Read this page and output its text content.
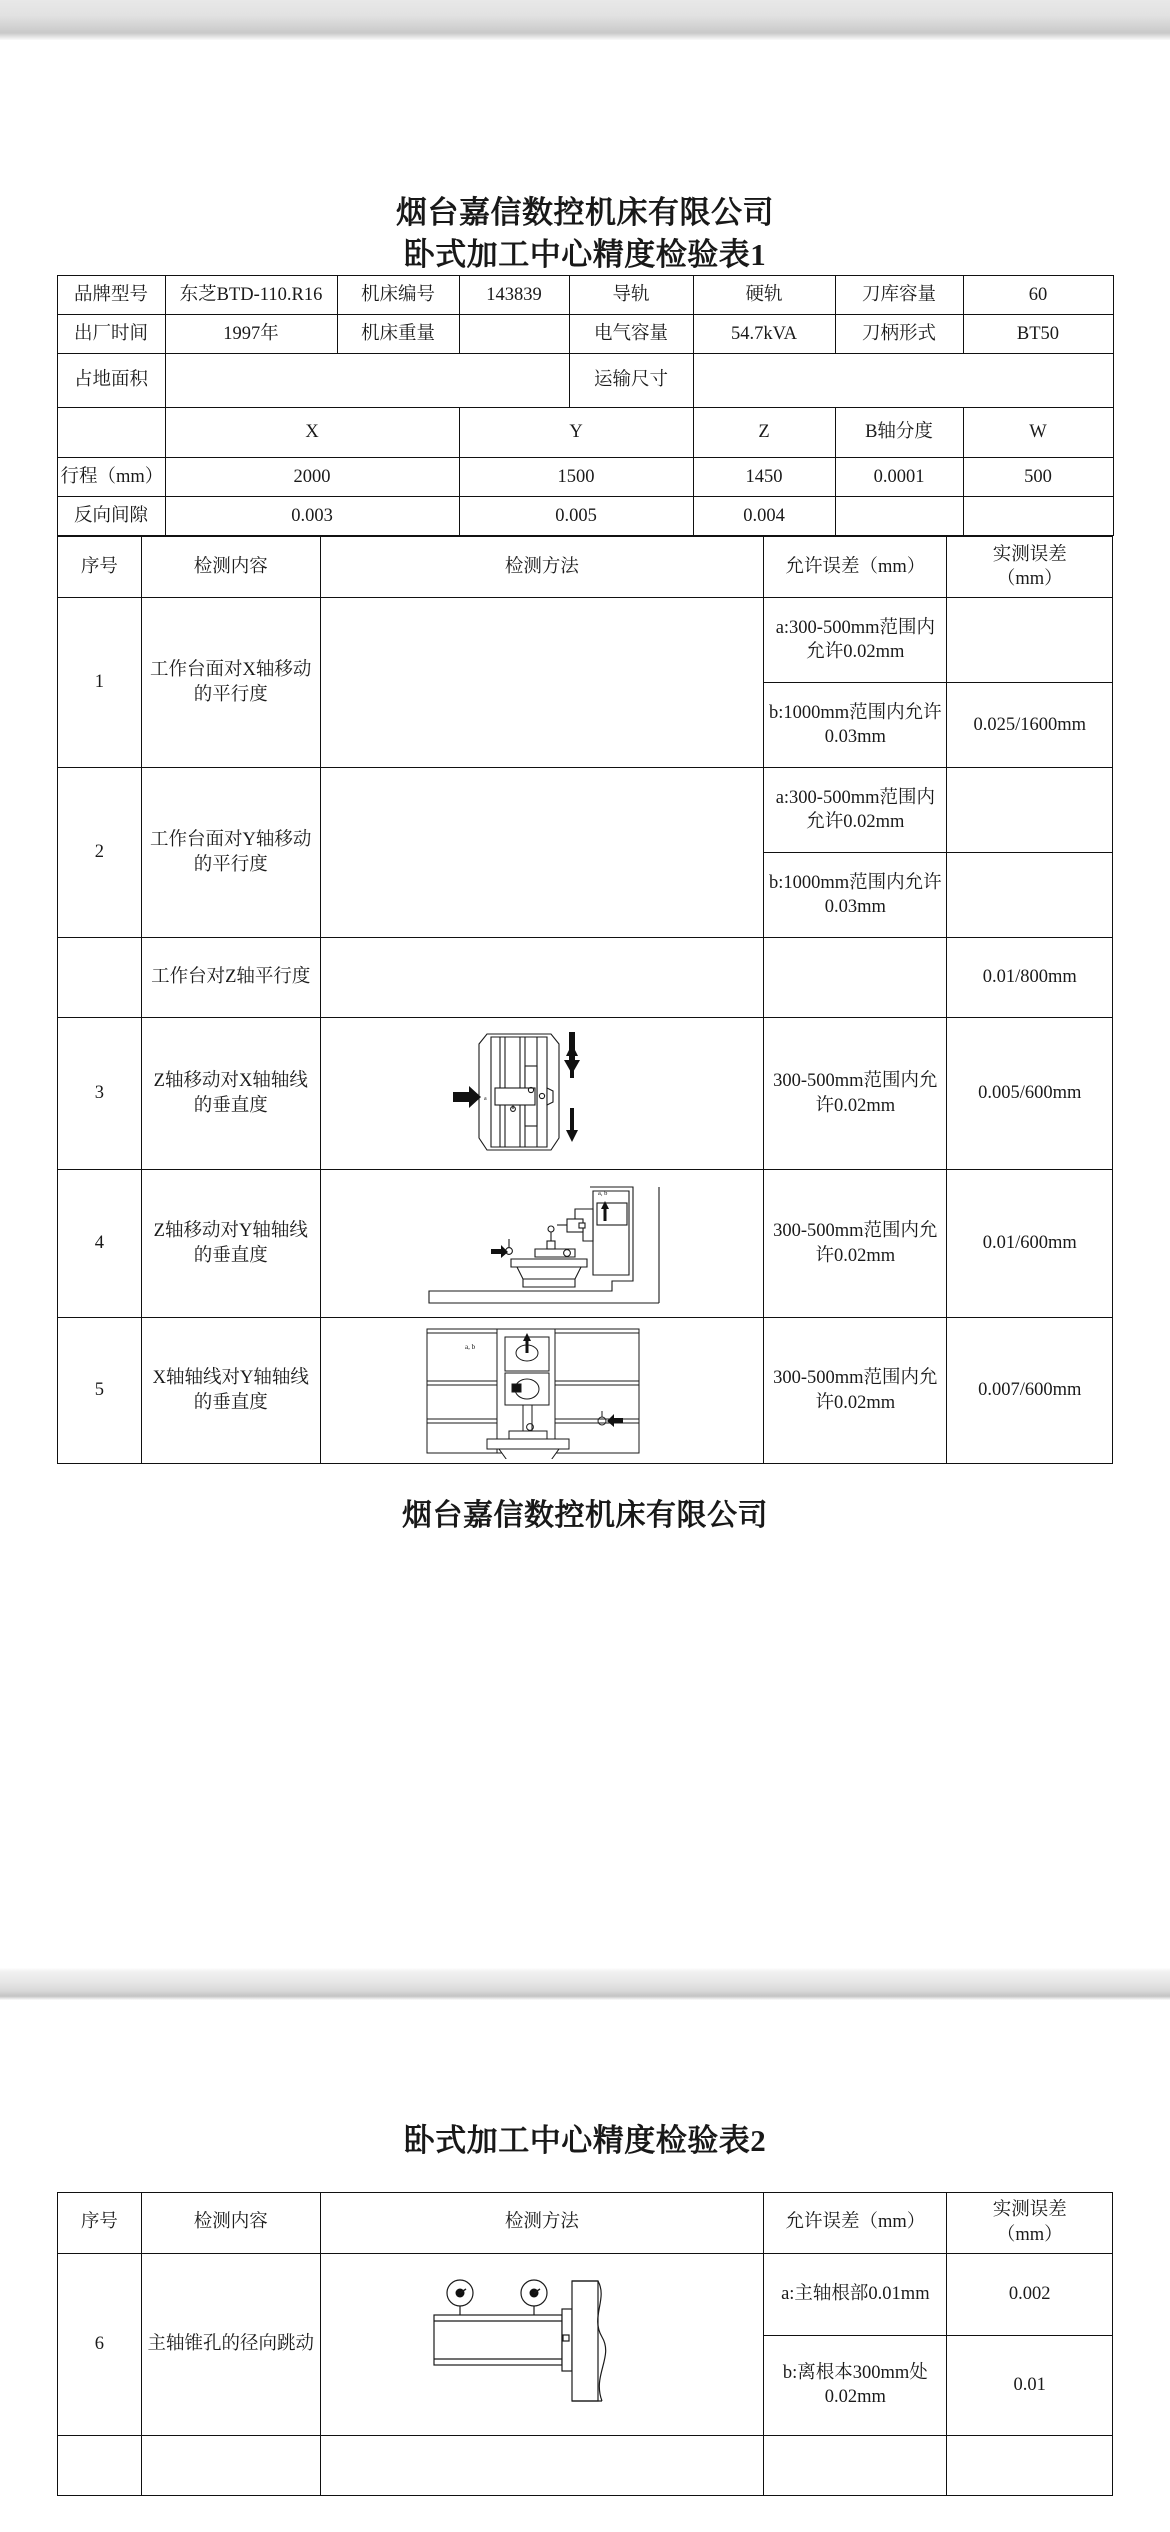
烟台嘉信数控机床有限公司
卧式加工中心精度检验表1
品牌型号	东芝BTD-110.R16	机床编号	143839	导轨	硬轨	刀库容量	60
出厂时间	1997年	机床重量		电气容量	54.7kVA	刀柄形式	BT50
占地面积				运输尺寸			
	X		Y		Z	B轴分度	W
行程（mm）	2000		1500		1450	0.0001	500
反向间隙	0.003		0.005		0.004		
序号	检测内容	检测方法	允许误差（mm）	实测误差
（mm）

1	工作台面对X轴移动的平行度		a:300-500mm范围内允许0.02mm	
			b:1000mm范围内允许0.03mm	0.025/1600mm
2	工作台面对Y轴移动的平行度		a:300-500mm范围内允许0.02mm	
			b:1000mm范围内允许0.03mm	
	工作台对Z轴平行度			0.01/800mm
3	Z轴移动对X轴轴线的垂直度	a	300-500mm范围内允许0.02mm	0.005/600mm
4	Z轴移动对Y轴轴线的垂直度	a, b	300-500mm范围内允许0.02mm	0.01/600mm
5	X轴轴线对Y轴轴线的垂直度	a, b	300-500mm范围内允许0.02mm	0.007/600mm
烟台嘉信数控机床有限公司
卧式加工中心精度检验表2
序号	检测内容	检测方法	允许误差（mm）	实测误差
（mm）

6	主轴锥孔的径向跳动		a:主轴根部0.01mm	0.002
			b:离根本300mm处0.02mm	0.01
